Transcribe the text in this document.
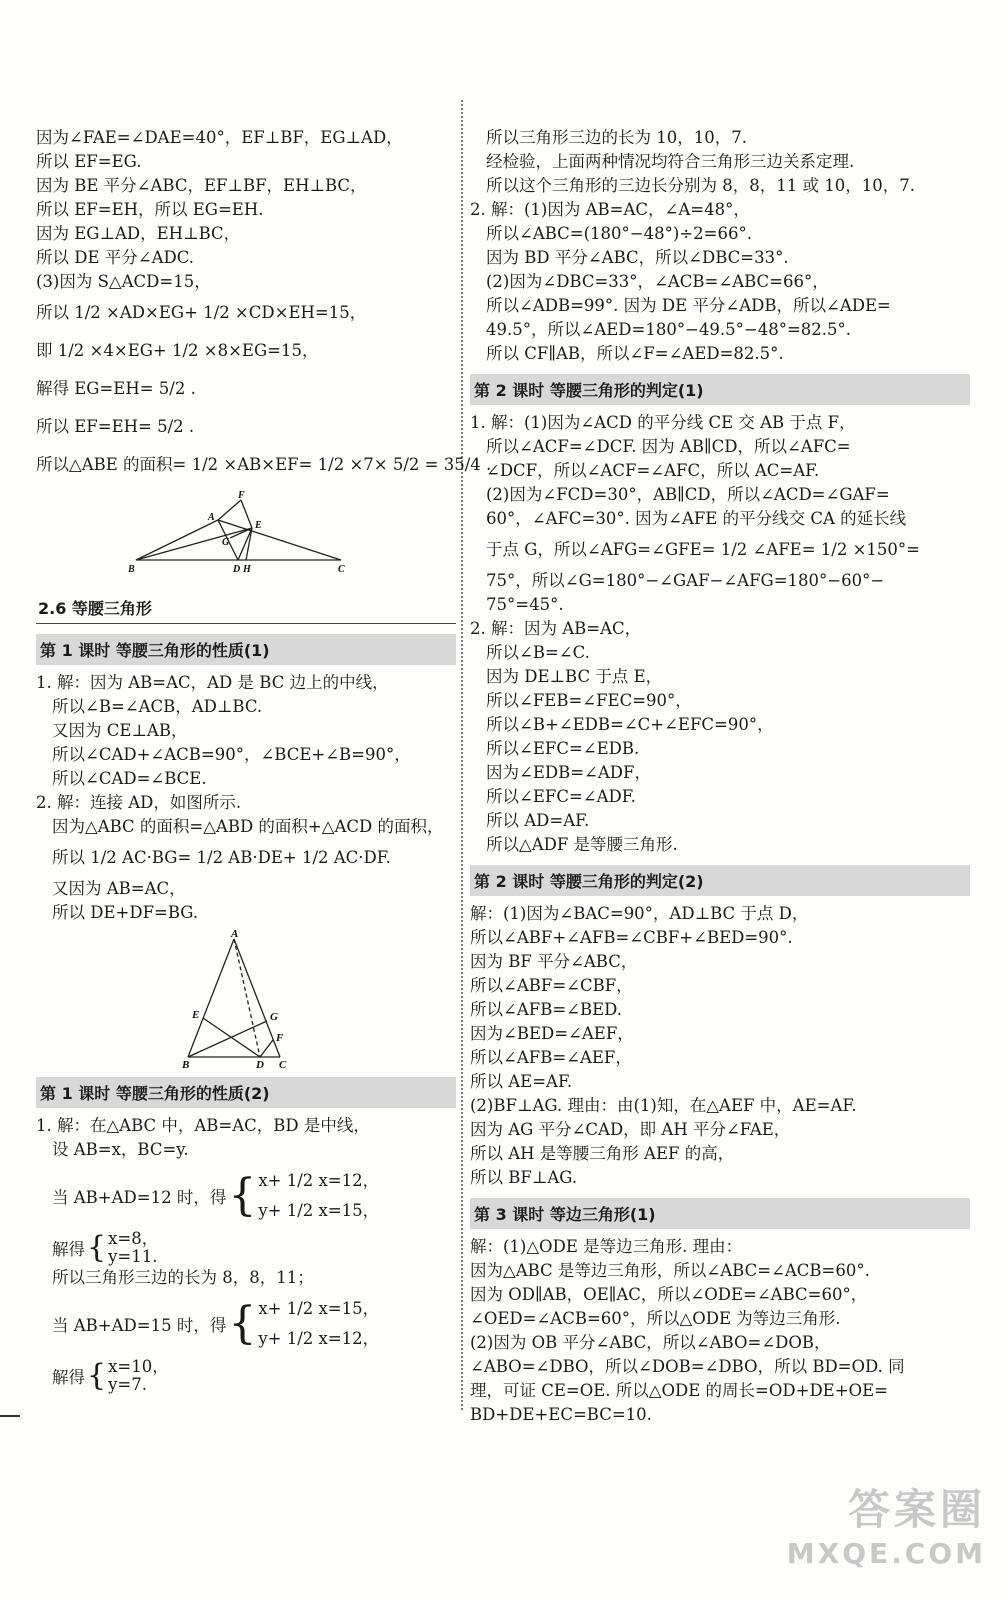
因为∠FAE=∠DAE=40°，EF⊥BF，EG⊥AD，
所以 EF=EG.
因为 BE 平分∠ABC，EF⊥BF，EH⊥BC，
所以 EF=EH，所以 EG=EH.
因为 EG⊥AD，EH⊥BC，
所以 DE 平分∠ADC.
(3)因为 S△ACD=15，
所以 1/2 ×AD×EG+ 1/2 ×CD×EH=15，
即 1/2 ×4×EG+ 1/2 ×8×EG=15，
解得 EG=EH= 5/2 .
所以 EF=EH= 5/2 .
所以△ABE 的面积= 1/2 ×AB×EF= 1/2 ×7× 5/2 = 35/4 .
F
A
E
G
B	D H	C
2.6 等腰三角形
第 1 课时 等腰三角形的性质(1)
1. 解：因为 AB=AC，AD 是 BC 边上的中线，
所以∠B=∠ACB，AD⊥BC.
又因为 CE⊥AB，
所以∠CAD+∠ACB=90°，∠BCE+∠B=90°，
所以∠CAD=∠BCE.
2. 解：连接 AD，如图所示.
因为△ABC 的面积=△ABD 的面积+△ACD 的面积，
所以 1/2 AC·BG= 1/2 AB·DE+ 1/2 AC·DF.
又因为 AB=AC，
所以 DE+DF=BG.
A
E	G
F
B	D C
第 1 课时 等腰三角形的性质(2)
1. 解：在△ABC 中，AB=AC，BD 是中线，
设 AB=x，BC=y.
当 AB+AD=12 时，得 { x+ 1/2 x=12，
y+ 1/2 x=15，
解得 { x=8，
y=11.
所以三角形三边的长为 8，8，11；
当 AB+AD=15 时，得 { x+ 1/2 x=15，
y+ 1/2 x=12，
解得 { x=10，
y=7.
所以三角形三边的长为 10，10，7.
经检验，上面两种情况均符合三角形三边关系定理.
所以这个三角形的三边长分别为 8，8，11 或 10，10，7.
2. 解：(1)因为 AB=AC，∠A=48°，
所以∠ABC=(180°−48°)÷2=66°.
因为 BD 平分∠ABC，所以∠DBC=33°.
(2)因为∠DBC=33°，∠ACB=∠ABC=66°，
所以∠ADB=99°. 因为 DE 平分∠ADB，所以∠ADE=
49.5°，所以∠AED=180°−49.5°−48°=82.5°.
所以 CF∥AB，所以∠F=∠AED=82.5°.
第 2 课时 等腰三角形的判定(1)
1. 解：(1)因为∠ACD 的平分线 CE 交 AB 于点 F，
所以∠ACF=∠DCF. 因为 AB∥CD，所以∠AFC=
∠DCF，所以∠ACF=∠AFC，所以 AC=AF.
(2)因为∠FCD=30°，AB∥CD，所以∠ACD=∠GAF=
60°，∠AFC=30°. 因为∠AFE 的平分线交 CA 的延长线
于点 G，所以∠AFG=∠GFE= 1/2 ∠AFE= 1/2 ×150°=
75°，所以∠G=180°−∠GAF−∠AFG=180°−60°−
75°=45°.
2. 解：因为 AB=AC，
所以∠B=∠C.
因为 DE⊥BC 于点 E，
所以∠FEB=∠FEC=90°，
所以∠B+∠EDB=∠C+∠EFC=90°，
所以∠EFC=∠EDB.
因为∠EDB=∠ADF，
所以∠EFC=∠ADF.
所以 AD=AF.
所以△ADF 是等腰三角形.
第 2 课时 等腰三角形的判定(2)
解：(1)因为∠BAC=90°，AD⊥BC 于点 D，
所以∠ABF+∠AFB=∠CBF+∠BED=90°.
因为 BF 平分∠ABC，
所以∠ABF=∠CBF，
所以∠AFB=∠BED.
因为∠BED=∠AEF，
所以∠AFB=∠AEF，
所以 AE=AF.
(2)BF⊥AG. 理由：由(1)知，在△AEF 中，AE=AF.
因为 AG 平分∠CAD，即 AH 平分∠FAE，
所以 AH 是等腰三角形 AEF 的高，
所以 BF⊥AG.
第 3 课时 等边三角形(1)
解：(1)△ODE 是等边三角形. 理由：
因为△ABC 是等边三角形，所以∠ABC=∠ACB=60°.
因为 OD∥AB，OE∥AC，所以∠ODE=∠ABC=60°，
∠OED=∠ACB=60°，所以△ODE 为等边三角形.
(2)因为 OB 平分∠ABC，所以∠ABO=∠DOB，
∠ABO=∠DBO，所以∠DOB=∠DBO，所以 BD=OD. 同
理，可证 CE=OE. 所以△ODE 的周长=OD+DE+OE=
BD+DE+EC=BC=10.
答案圈
MXQE.COM
